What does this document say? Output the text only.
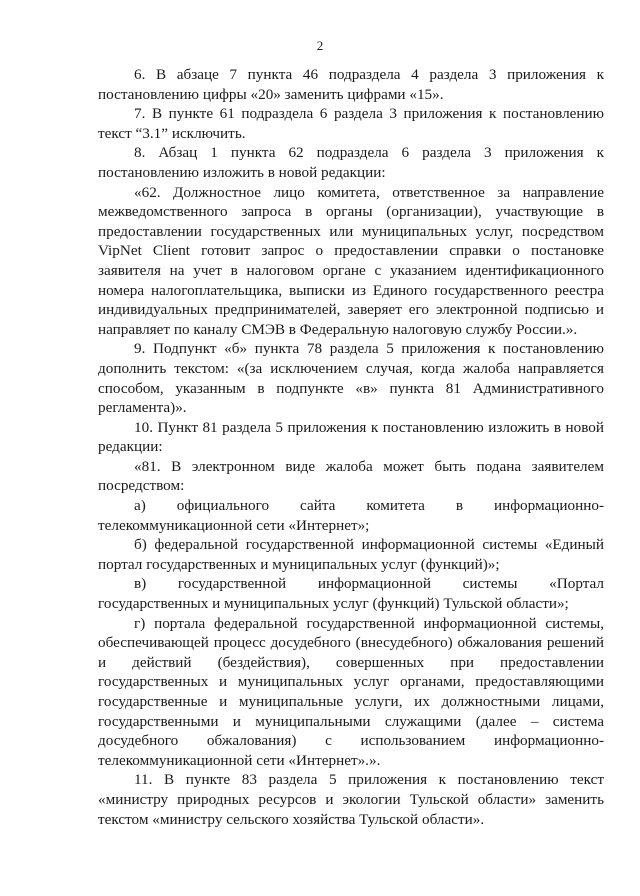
2

6. В абзаце 7 пункта 46 подраздела 4 раздела 3 приложения к постановлению цифры «20» заменить цифрами «15».

7. В пункте 61 подраздела 6 раздела 3 приложения к постановлению текст “3.1” исключить.

8. Абзац 1 пункта 62 подраздела 6 раздела 3 приложения к постановлению изложить в новой редакции:

«62. Должностное лицо комитета, ответственное за направление межведомственного запроса в органы (организации), участвующие в предоставлении государственных или муниципальных услуг, посредством VipNet Client готовит запрос о предоставлении справки о постановке заявителя на учет в налоговом органе с указанием идентификационного номера налогоплательщика, выписки из Единого государственного реестра индивидуальных предпринимателей, заверяет его электронной подписью и направляет по каналу СМЭВ в Федеральную налоговую службу России.».

9. Подпункт «б» пункта 78 раздела 5 приложения к постановлению дополнить текстом: «(за исключением случая, когда жалоба направляется способом, указанным в подпункте «в» пункта 81 Административного регламента)».

10. Пункт 81 раздела 5 приложения к постановлению изложить в новой редакции:

«81. В электронном виде жалоба может быть подана заявителем посредством:

а) официального сайта комитета в информационно-телекоммуникационной сети «Интернет»;

б) федеральной государственной информационной системы «Единый портал государственных и муниципальных услуг (функций)»;

в) государственной информационной системы «Портал государственных и муниципальных услуг (функций) Тульской области»;

г) портала федеральной государственной информационной системы, обеспечивающей процесс досудебного (внесудебного) обжалования решений и действий (бездействия), совершенных при предоставлении государственных и муниципальных услуг органами, предоставляющими государственные и муниципальные услуги, их должностными лицами, государственными и муниципальными служащими (далее – система досудебного обжалования) с использованием информационно-телекоммуникационной сети «Интернет».».

11. В пункте 83 раздела 5 приложения к постановлению текст «министру природных ресурсов и экологии Тульской области» заменить текстом «министру сельского хозяйства Тульской области».
